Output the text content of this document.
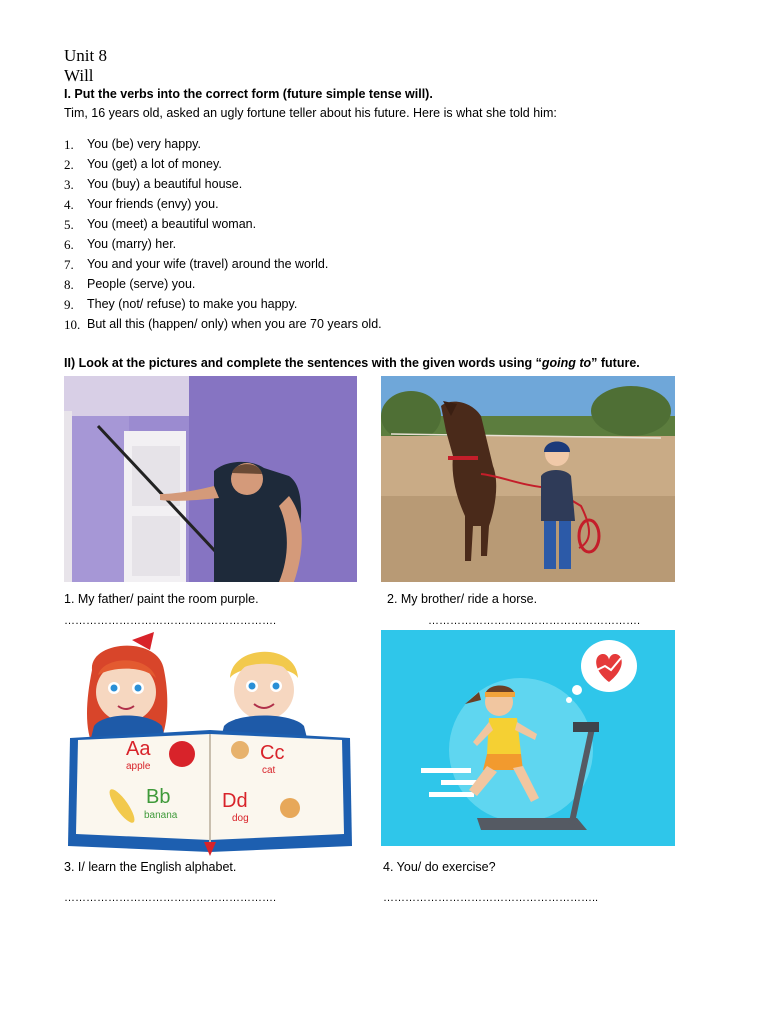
Unit 8
Will
I. Put the verbs into the correct form (future simple tense will).
Tim, 16 years old, asked an ugly fortune teller about his future. Here is what she told him:
1. You (be) very happy.
2. You (get) a lot of money.
3. You (buy) a beautiful house.
4. Your friends (envy) you.
5. You (meet) a beautiful woman.
6. You (marry) her.
7. You and your wife (travel) around the world.
8. People (serve) you.
9. They (not/ refuse) to make you happy.
10. But all this (happen/ only) when you are 70 years old.
II) Look at the pictures and complete the sentences with the given words using “going to” future.
1. My father/ paint the room purple.	2. My brother/ ride a horse.
………………………………………………….	………………………………………………….
Aa
apple
Cc
cat
Bb
banana
Dd
dog
3. I/ learn the English alphabet.	4. You/ do exercise?
………………………………………………….	…………………………………………………..
